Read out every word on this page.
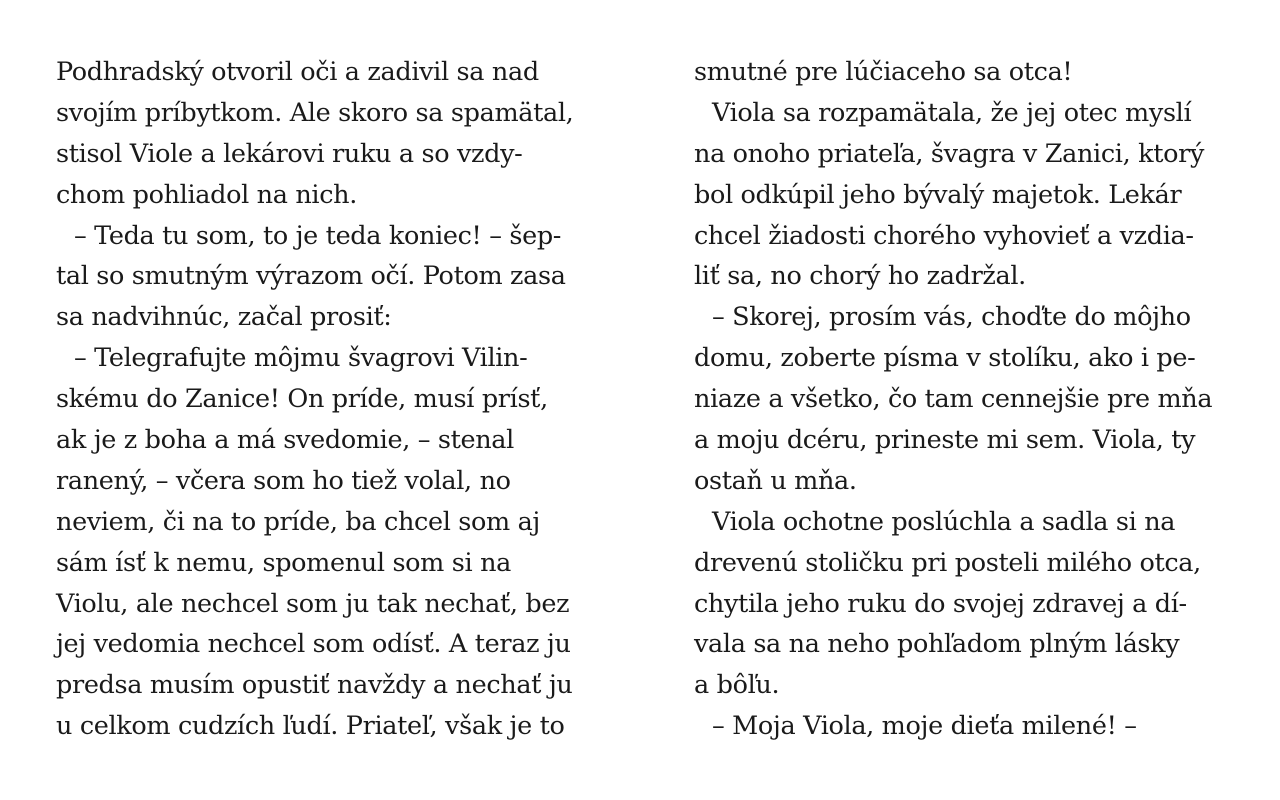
Podhradský otvoril oči a zadivil sa nad
svojím príbytkom. Ale skoro sa spamätal,
stisol Viole a lekárovi ruku a so vzdy-
chom pohliadol na nich.
– Teda tu som, to je teda koniec! – šep-
tal so smutným výrazom očí. Potom zasa
sa nadvihnúc, začal prosiť:
– Telegrafujte môjmu švagrovi Vilin-
skému do Zanice! On príde, musí prísť,
ak je z boha a má svedomie, – stenal
ranený, – včera som ho tiež volal, no
neviem, či na to príde, ba chcel som aj
sám ísť k nemu, spomenul som si na
Violu, ale nechcel som ju tak nechať, bez
jej vedomia nechcel som odísť. A teraz ju
predsa musím opustiť navždy a nechať ju
u celkom cudzích ľudí. Priateľ, však je to
smutné pre lúčiaceho sa otca!
Viola sa rozpamätala, že jej otec myslí
na onoho priateľa, švagra v Zanici, ktorý
bol odkúpil jeho bývalý majetok. Lekár
chcel žiadosti chorého vyhovieť a vzdia-
liť sa, no chorý ho zadržal.
– Skorej, prosím vás, choďte do môjho
domu, zoberte písma v stolíku, ako i pe-
niaze a všetko, čo tam cennejšie pre mňa
a moju dcéru, prineste mi sem. Viola, ty
ostaň u mňa.
Viola ochotne poslúchla a sadla si na
drevenú stoličku pri posteli milého otca,
chytila jeho ruku do svojej zdravej a dí-
vala sa na neho pohľadom plným lásky
a bôľu.
– Moja Viola, moje dieťa milené! –
